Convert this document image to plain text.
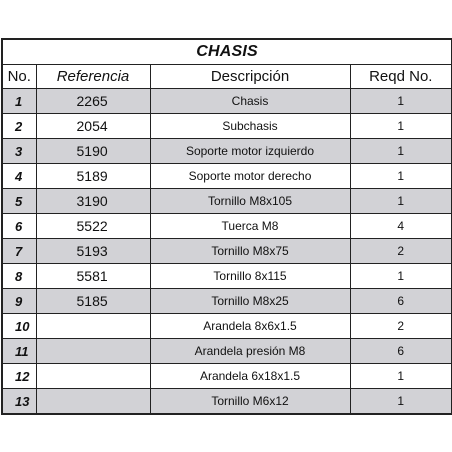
CHASIS			
No.	Referencia	Descripción	Reqd No.
1	2265	Chasis	1
2	2054	Subchasis	1
3	5190	Soporte motor izquierdo	1
4	5189	Soporte motor derecho	1
5	3190	Tornillo M8x105	1
6	5522	Tuerca M8	4
7	5193	Tornillo M8x75	2
8	5581	Tornillo 8x115	1
9	5185	Tornillo M8x25	6
10		Arandela 8x6x1.5	2
11		Arandela presión M8	6
12		Arandela 6x18x1.5	1
13		Tornillo M6x12	1
